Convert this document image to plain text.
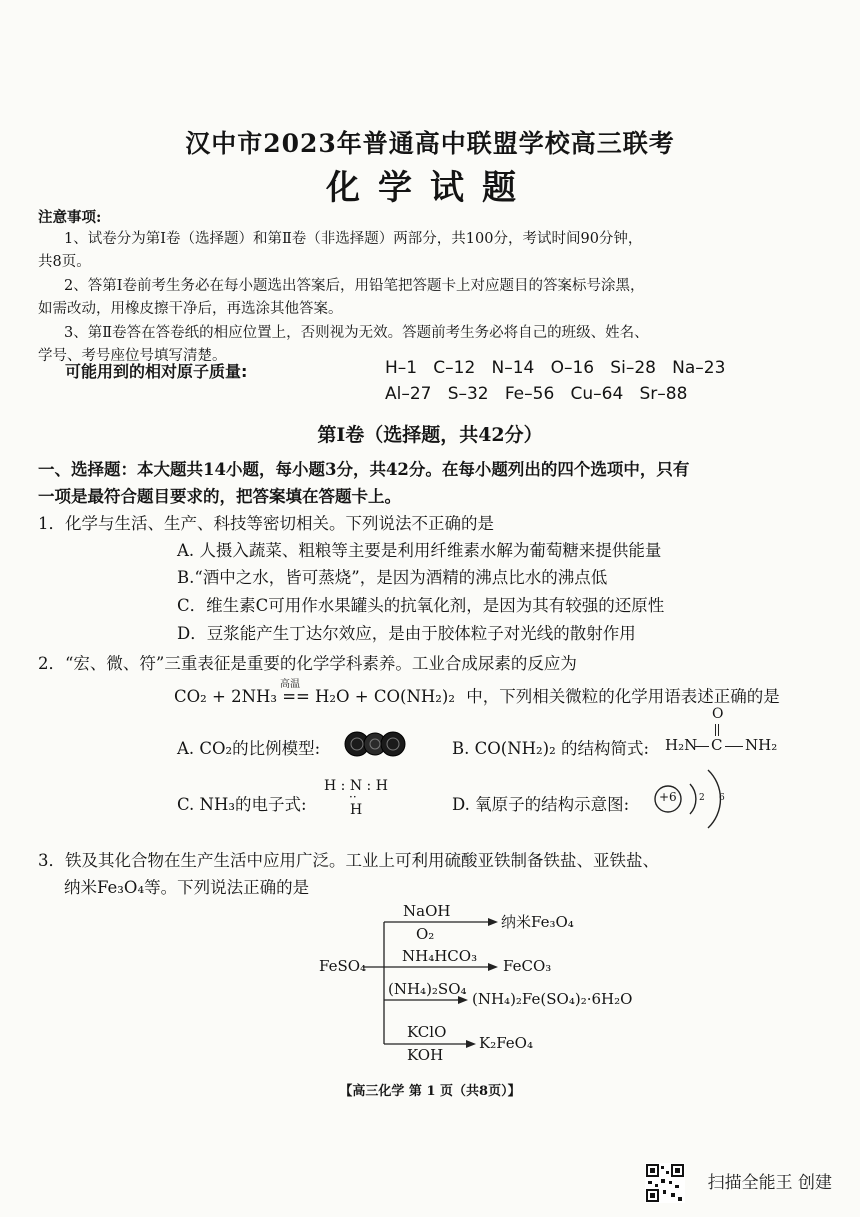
汉中市2023年普通高中联盟学校高三联考
化学试题
注意事项:
1、试卷分为第Ⅰ卷（选择题）和第Ⅱ卷（非选择题）两部分，共100分，考试时间90分钟，
共8页。
2、答第Ⅰ卷前考生务必在每小题选出答案后，用铅笔把答题卡上对应题目的答案标号涂黑，
如需改动，用橡皮擦干净后，再选涂其他答案。
3、第Ⅱ卷答在答卷纸的相应位置上，否则视为无效。答题前考生务必将自己的班级、姓名、
学号、考号座位号填写清楚。
可能用到的相对原子质量:	H–1   C–12   N–14   O–16   Si–28   Na–23
Al–27   S–32   Fe–56   Cu–64   Sr–88
第Ⅰ卷（选择题，共42分）
一、选择题：本大题共14小题，每小题3分，共42分。在每小题列出的四个选项中，只有
一项是最符合题目要求的，把答案填在答题卡上。
1．化学与生活、生产、科技等密切相关。下列说法不正确的是
A. 人摄入蔬菜、粗粮等主要是利用纤维素水解为葡萄糖来提供能量
B.“酒中之水，皆可蒸烧”，是因为酒精的沸点比水的沸点低
C．维生素C可用作水果罐头的抗氧化剂，是因为其有较强的还原性
D．豆浆能产生丁达尔效应，是由于胶体粒子对光线的散射作用
2．“宏、微、符”三重表征是重要的化学学科素养。工业合成尿素的反应为
CO₂ + 2NH₃
高温
== H₂O + CO(NH₂)₂ 中，下列相关微粒的化学用语表述正确的是
A. CO₂的比例模型:	B. CO(NH₂)₂ 的结构简式:
O
H₂N C NH₂
C. NH₃的电子式:
H : N : H
··
H	D. 氧原子的结构示意图: +6 2 6
3．铁及其化合物在生产生活中应用广泛。工业上可利用硫酸亚铁制备铁盐、亚铁盐、
纳米Fe₃O₄等。下列说法正确的是
FeSO₄
NaOH
O₂
纳米Fe₃O₄
NH₄HCO₃
FeCO₃
(NH₄)₂SO₄
(NH₄)₂Fe(SO₄)₂·6H₂O
KClO
KOH
K₂FeO₄
【高三化学 第 1 页（共8页）】
扫描全能王 创建
